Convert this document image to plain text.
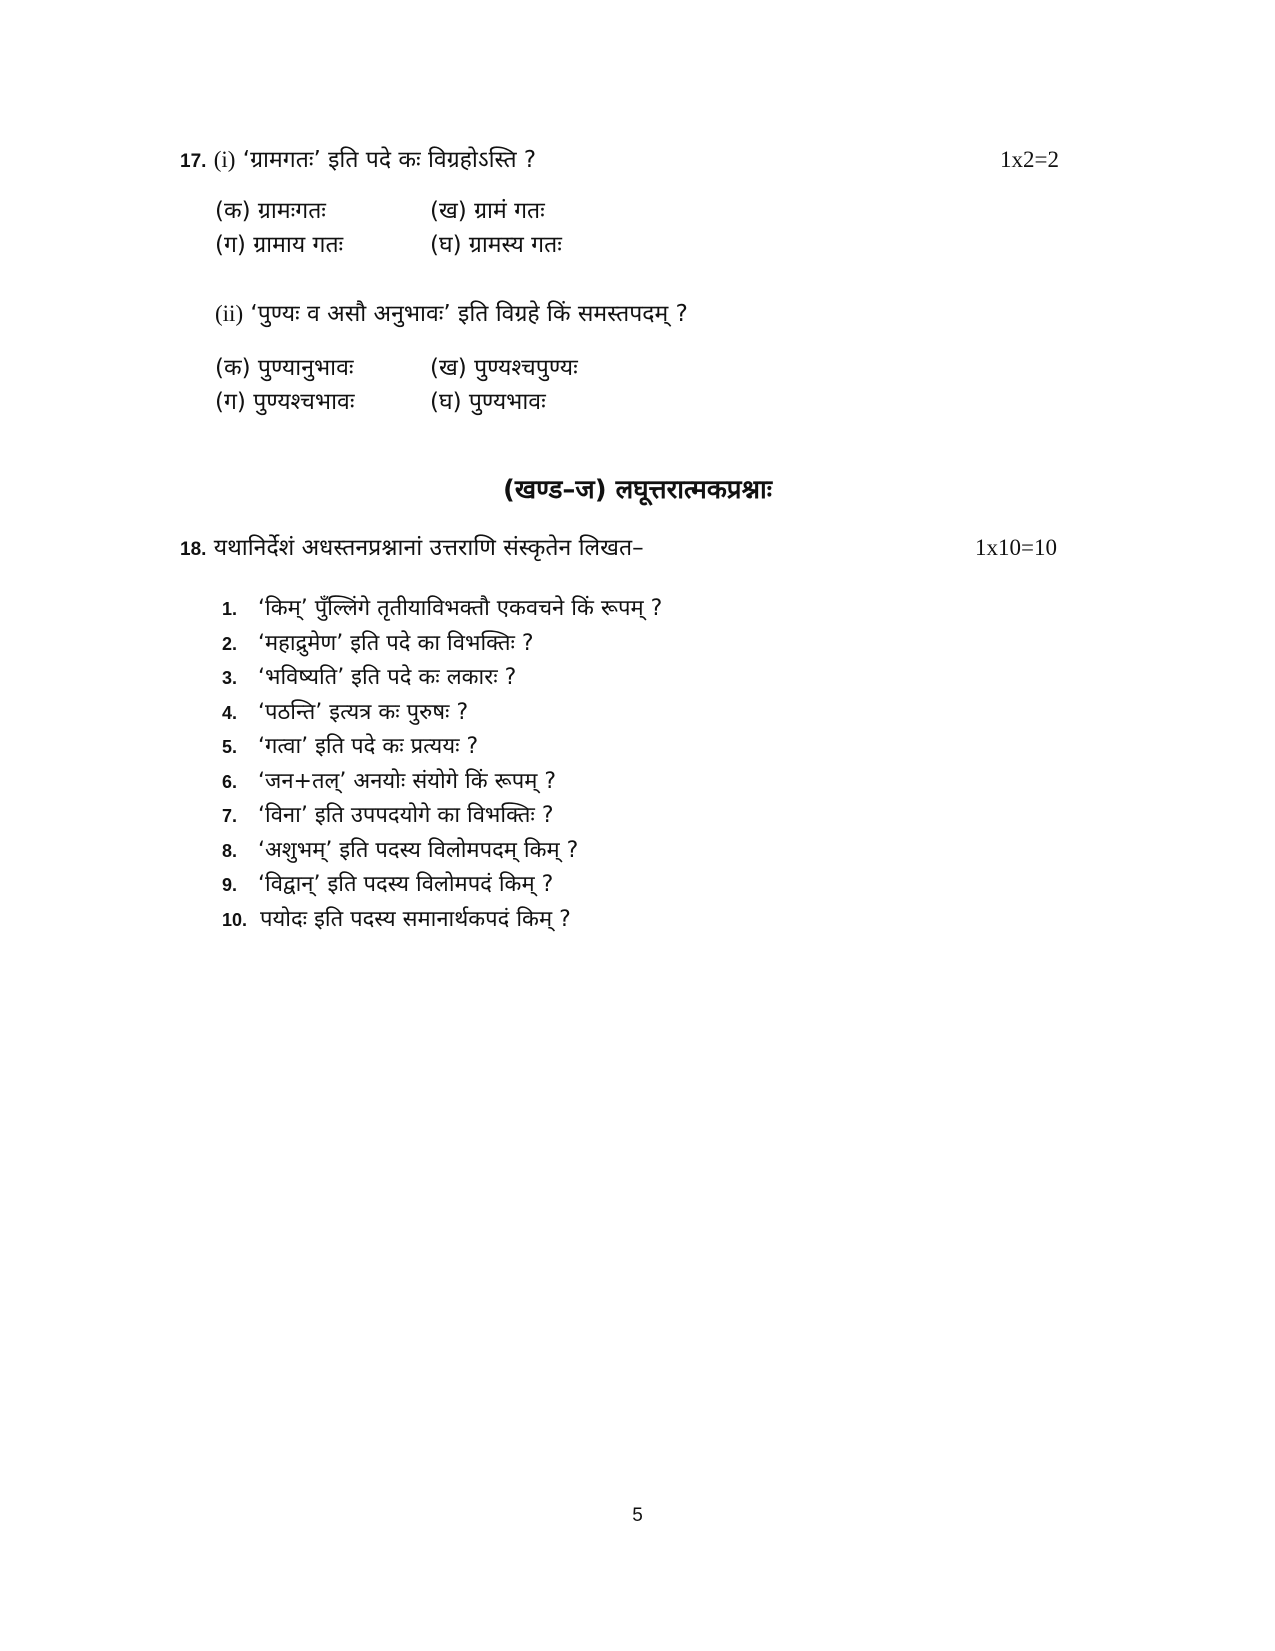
17. (i) ‘ग्रामगतः’ इति पदे कः विग्रहोऽस्ति ?	1x2=2
(क) ग्रामःगतः	(ख) ग्रामं गतः
(ग) ग्रामाय गतः	(घ) ग्रामस्य गतः
(ii) ‘पुण्यः व असौ अनुभावः’ इति विग्रहे किं समस्तपदम् ?
(क) पुण्यानुभावः	(ख) पुण्यश्चपुण्यः
(ग) पुण्यश्चभावः	(घ) पुण्यभावः
(खण्ड–ज) लघूत्तरात्मकप्रश्नाः
18. यथानिर्देशं अधस्तनप्रश्नानां उत्तराणि संस्कृतेन लिखत–	1x10=10
1. ‘किम्’ पुँल्लिंगे तृतीयाविभक्तौ एकवचने किं रूपम् ?
2. ‘महाद्रुमेण’ इति पदे का विभक्तिः ?
3. ‘भविष्यति’ इति पदे कः लकारः ?
4. ‘पठन्ति’ इत्यत्र कः पुरुषः ?
5. ‘गत्वा’ इति पदे कः प्रत्ययः ?
6. ‘जन+तल्’ अनयोः संयोगे किं रूपम् ?
7. ‘विना’ इति उपपदयोगे का विभक्तिः ?
8. ‘अशुभम्’ इति पदस्य विलोमपदम् किम् ?
9. ‘विद्वान्’ इति पदस्य विलोमपदं किम् ?
10. पयोदः इति पदस्य समानार्थकपदं किम् ?
5
